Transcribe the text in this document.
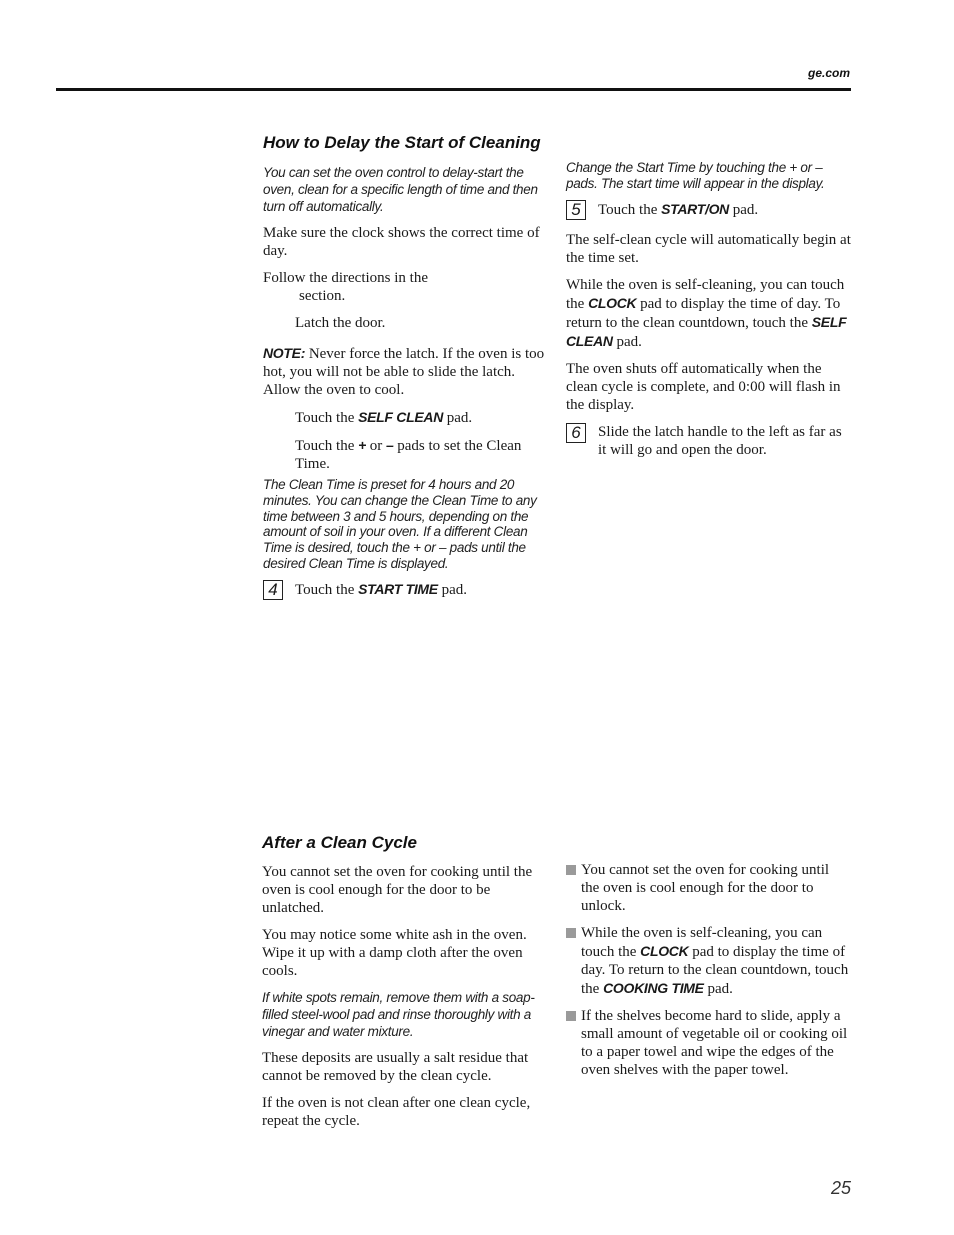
ge.com
How to Delay the Start of Cleaning

You can set the oven control to delay-start the oven, clean for a specific length of time and then turn off automatically.

Make sure the clock shows the correct time of day.

Follow the directions in the
section.

Latch the door.

NOTE: Never force the latch. If the oven is too hot, you will not be able to slide the latch. Allow the oven to cool.

Touch the SELF CLEAN pad.

Touch the + or – pads to set the Clean Time.

The Clean Time is preset for 4 hours and 20 minutes. You can change the Clean Time to any time between 3 and 5 hours, depending on the amount of soil in your oven. If a different Clean Time is desired, touch the + or – pads until the desired Clean Time is displayed.

4	Touch the START TIME pad.

Change the Start Time by touching the + or – pads. The start time will appear in the display.

5	Touch the START/ON pad.

The self-clean cycle will automatically begin at the time set.

While the oven is self-cleaning, you can touch the CLOCK pad to display the time of day. To return to the clean countdown, touch the SELF CLEAN pad.

The oven shuts off automatically when the clean cycle is complete, and 0:00 will flash in the display.

6	Slide the latch handle to the left as far as it will go and open the door.
After a Clean Cycle

You cannot set the oven for cooking until the oven is cool enough for the door to be unlatched.

You may notice some white ash in the oven. Wipe it up with a damp cloth after the oven cools.

If white spots remain, remove them with a soap-filled steel-wool pad and rinse thoroughly with a vinegar and water mixture.

These deposits are usually a salt residue that cannot be removed by the clean cycle.

If the oven is not clean after one clean cycle, repeat the cycle.

You cannot set the oven for cooking until the oven is cool enough for the door to unlock.
While the oven is self-cleaning, you can touch the CLOCK pad to display the time of day. To return to the clean countdown, touch the COOKING TIME pad.
If the shelves become hard to slide, apply a small amount of vegetable oil or cooking oil to a paper towel and wipe the edges of the oven shelves with the paper towel.
25
